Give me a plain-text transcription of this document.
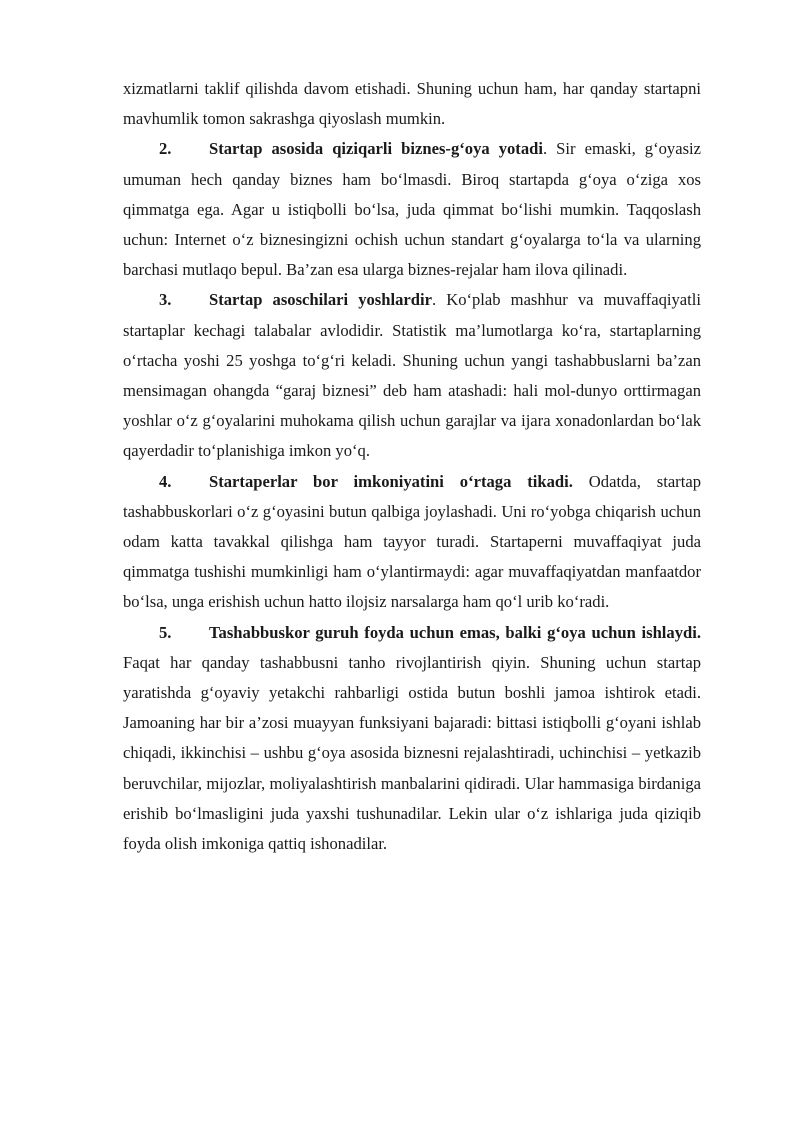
xizmatlarni taklif qilishda davom etishadi. Shuning uchun ham, har qanday startapni mavhumlik tomon sakrashga qiyoslash mumkin.

2. Startap asosida qiziqarli biznes-g‘oya yotadi. Sir emaski, g‘oyasiz umuman hech qanday biznes ham bo‘lmasdi. Biroq startapda g‘oya o‘ziga xos qimmatga ega. Agar u istiqbolli bo‘lsa, juda qimmat bo‘lishi mumkin. Taqqoslash uchun: Internet o‘z biznesingizni ochish uchun standart g‘oyalarga to‘la va ularning barchasi mutlaqo bepul. Ba’zan esa ularga biznes-rejalar ham ilova qilinadi.

3. Startap asoschilari yoshlardir. Ko‘plab mashhur va muvaffaqiyatli startaplar kechagi talabalar avlodidir. Statistik ma’lumotlarga ko‘ra, startaplarning o‘rtacha yoshi 25 yoshga to‘g‘ri keladi. Shuning uchun yangi tashabbuslarni ba’zan mensimagan ohangda “garaj biznesi” deb ham atashadi: hali mol-dunyo orttirmagan yoshlar o‘z g‘oyalarini muhokama qilish uchun garajlar va ijara xonadonlardan bo‘lak qayerdadir to‘planishiga imkon yo‘q.

4. Startaperlar bor imkoniyatini o‘rtaga tikadi. Odatda, startap tashabbuskorlari o‘z g‘oyasini butun qalbiga joylashadi. Uni ro‘yobga chiqarish uchun odam katta tavakkal qilishga ham tayyor turadi. Startaperni muvaffaqiyat juda qimmatga tushishi mumkinligi ham o‘ylantirmaydi: agar muvaffaqiyatdan manfaatdor bo‘lsa, unga erishish uchun hatto ilojsiz narsalarga ham qo‘l urib ko‘radi.

5. Tashabbuskor guruh foyda uchun emas, balki g‘oya uchun ishlaydi. Faqat har qanday tashabbusni tanho rivojlantirish qiyin. Shuning uchun startap yaratishda g‘oyaviy yetakchi rahbarligi ostida butun boshli jamoa ishtirok etadi. Jamoaning har bir a’zosi muayyan funksiyani bajaradi: bittasi istiqbolli g‘oyani ishlab chiqadi, ikkinchisi – ushbu g‘oya asosida biznesni rejalashtiradi, uchinchisi – yetkazib beruvchilar, mijozlar, moliyalashtirish manbalarini qidiradi. Ular hammasiga birdaniga erishib bo‘lmasligini juda yaxshi tushunadilar. Lekin ular o‘z ishlariga juda qiziqib foyda olish imkoniga qattiq ishonadilar.
